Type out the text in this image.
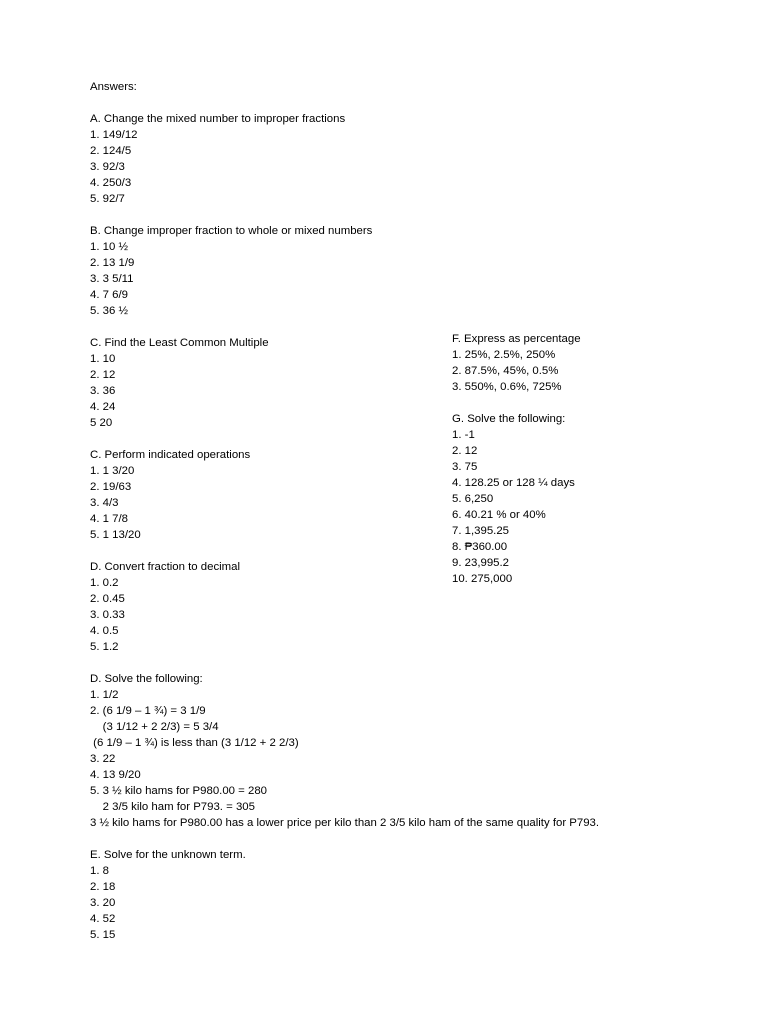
Answers:
A. Change the mixed number to improper fractions
1. 149/12
2. 124/5
3. 92/3
4. 250/3
5. 92/7
B. Change improper fraction to whole or mixed numbers
1. 10 ½
2. 13 1/9
3. 3 5/11
4. 7 6/9
5. 36 ½
C. Find the Least Common Multiple
1. 10
2. 12
3. 36
4. 24
5 20
C. Perform indicated operations
1. 1 3/20
2. 19/63
3. 4/3
4. 1 7/8
5. 1 13/20
D. Convert fraction to decimal
1. 0.2
2. 0.45
3. 0.33
4. 0.5
5. 1.2
D. Solve the following:
1. 1/2
2. (6 1/9 – 1 ¾) = 3 1/9
(3 1/12 + 2 2/3) = 5 3/4
(6 1/9 – 1 ¾) is less than (3 1/12 + 2 2/3)
3. 22
4. 13 9/20
5. 3 ½ kilo hams for P980.00 = 280
2 3/5 kilo ham for P793. = 305
3 ½ kilo hams for P980.00 has a lower price per kilo than 2 3/5 kilo ham of the same quality for P793.
E. Solve for the unknown term.
1. 8
2. 18
3. 20
4. 52
5. 15
F. Express as percentage
1. 25%, 2.5%, 250%
2. 87.5%, 45%, 0.5%
3. 550%, 0.6%, 725%
G. Solve the following:
1. -1
2. 12
3. 75
4. 128.25 or 128 ¼ days
5. 6,250
6. 40.21 % or 40%
7. 1,395.25
8. ₱360.00
9. 23,995.2
10. 275,000
